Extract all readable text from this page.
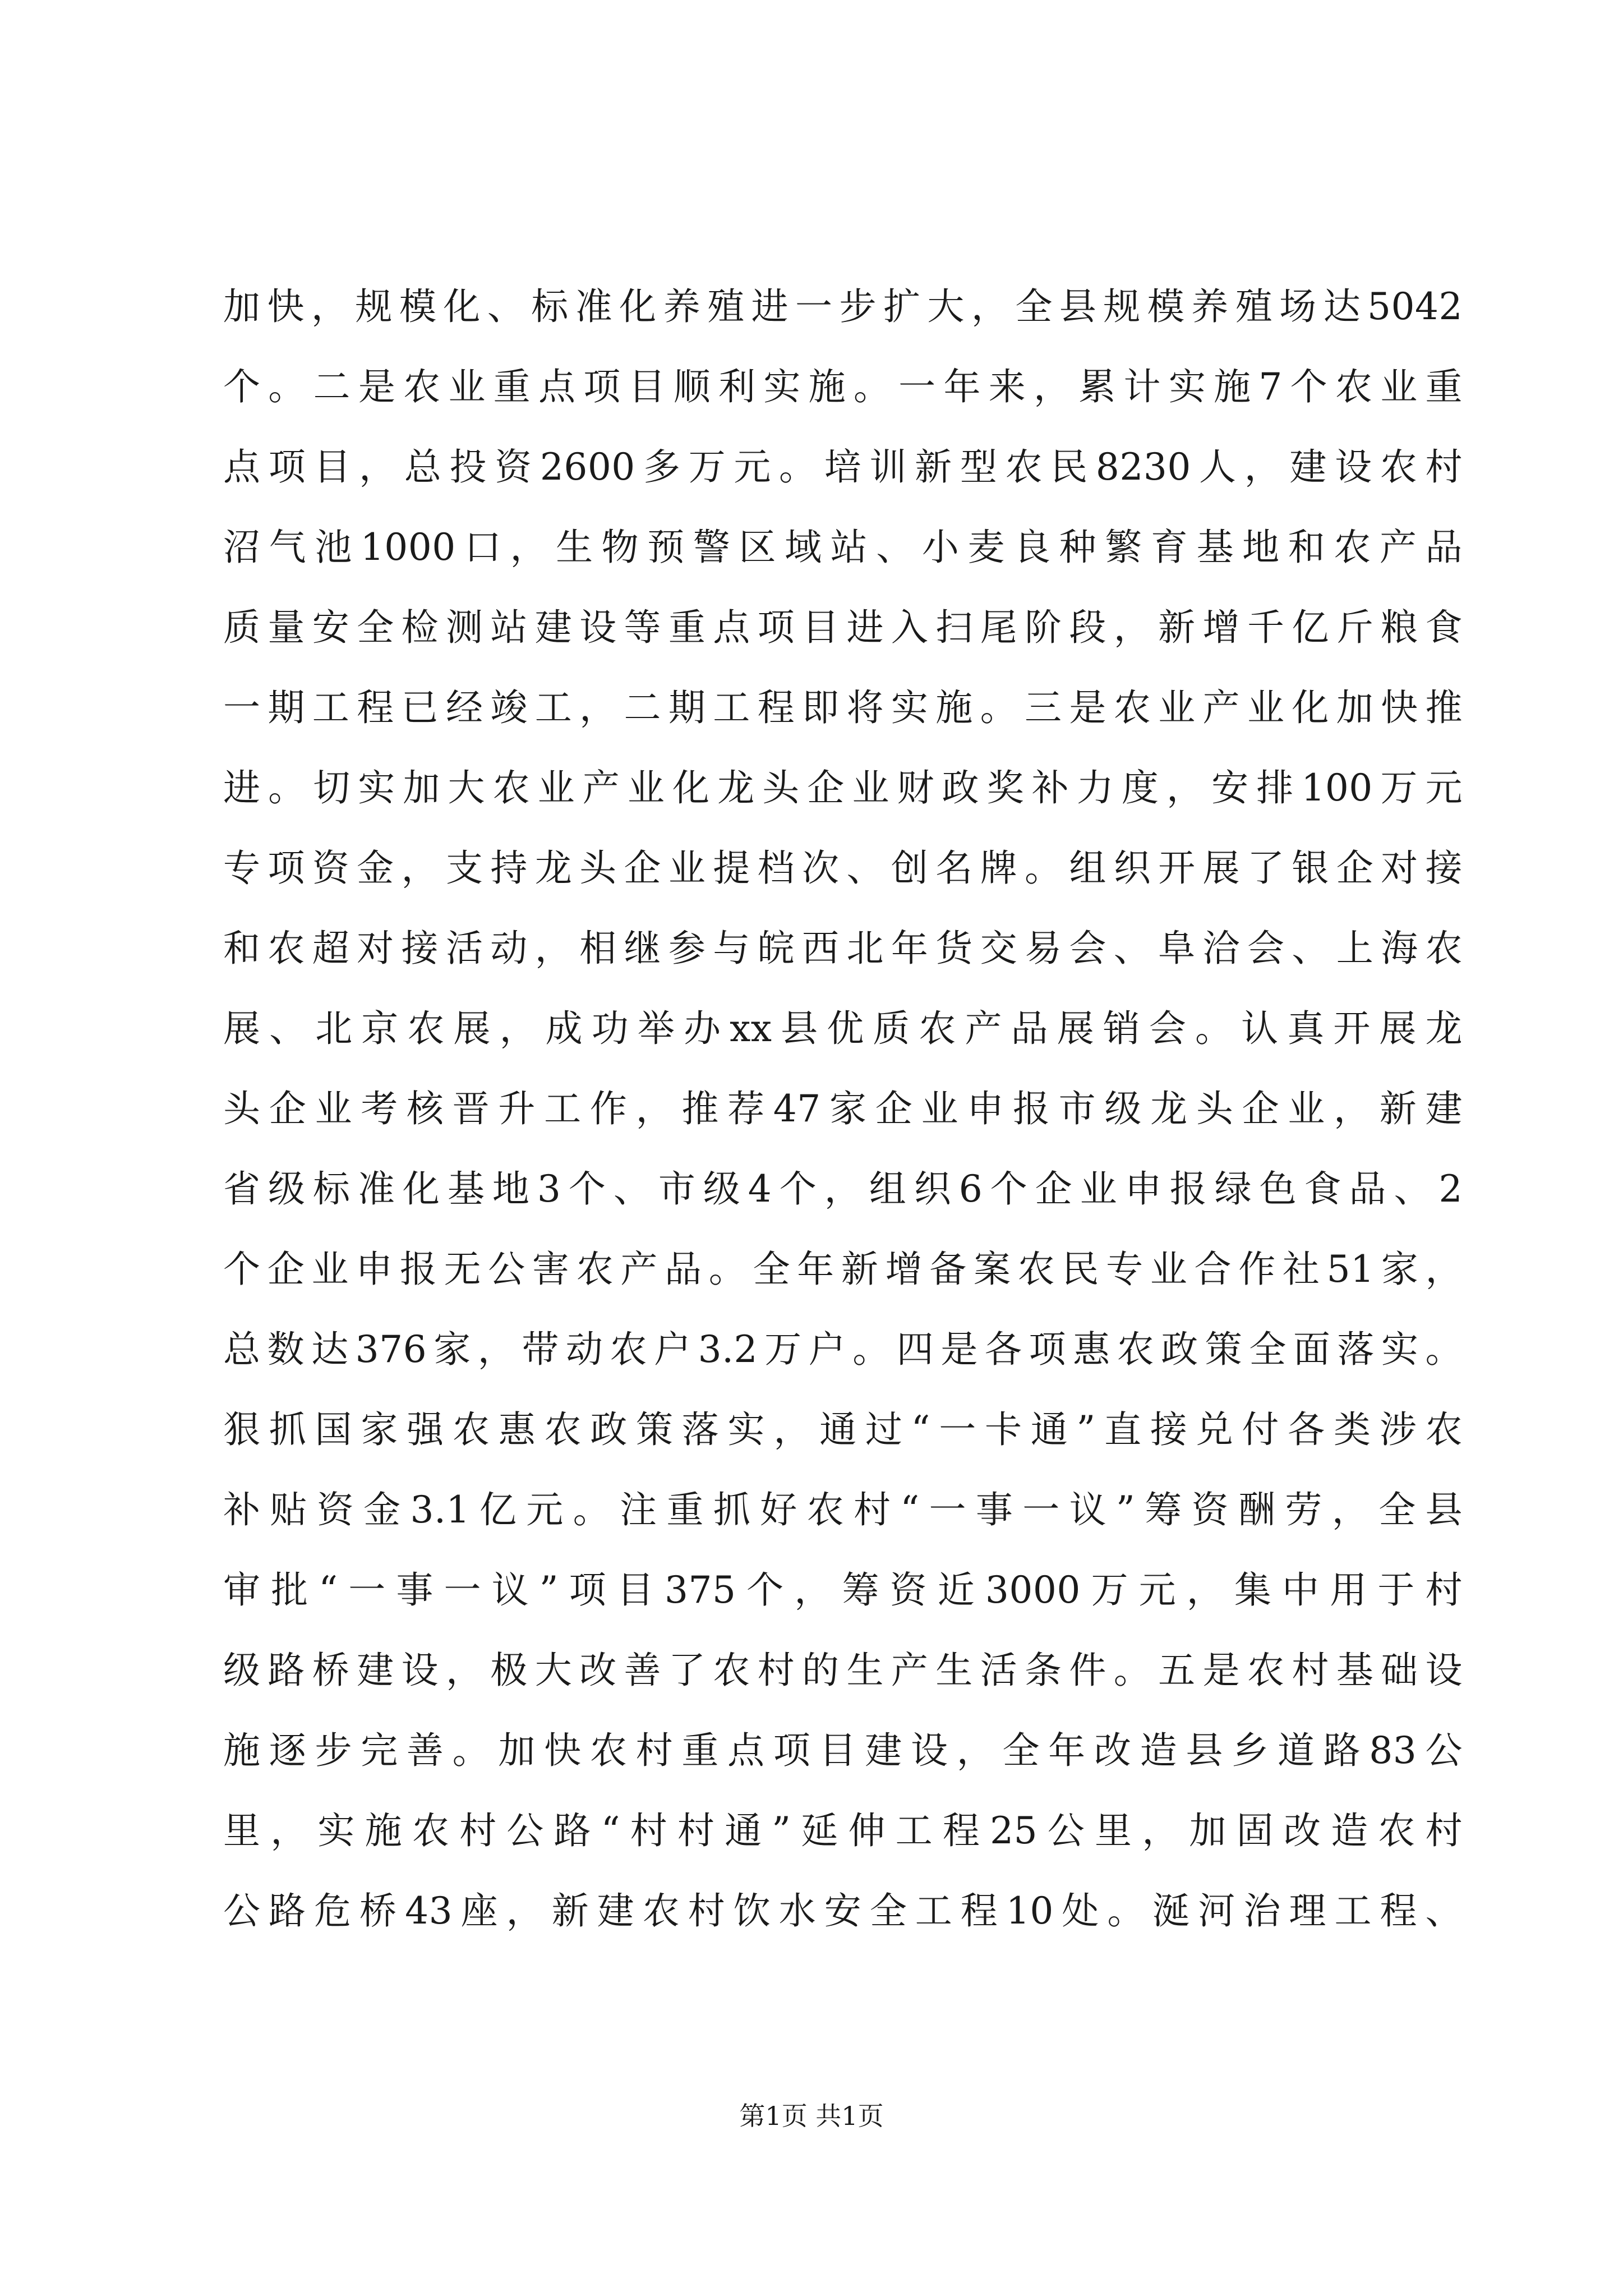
加快，规模化、标准化养殖进一步扩大，全县规模养殖场达5042
个。二是农业重点项目顺利实施。一年来，累计实施7个农业重
点项目，总投资2600多万元。培训新型农民8230人，建设农村
沼气池1000口，生物预警区域站、小麦良种繁育基地和农产品
质量安全检测站建设等重点项目进入扫尾阶段，新增千亿斤粮食
一期工程已经竣工，二期工程即将实施。三是农业产业化加快推
进。切实加大农业产业化龙头企业财政奖补力度，安排100万元
专项资金，支持龙头企业提档次、创名牌。组织开展了银企对接
和农超对接活动，相继参与皖西北年货交易会、阜洽会、上海农
展、北京农展，成功举办xx县优质农产品展销会。认真开展龙
头企业考核晋升工作，推荐47家企业申报市级龙头企业，新建
省级标准化基地3个、市级4个，组织6个企业申报绿色食品、2
个企业申报无公害农产品。全年新增备案农民专业合作社51家，
总数达376家，带动农户3.2万户。四是各项惠农政策全面落实。
狠抓国家强农惠农政策落实，通过“一卡通”直接兑付各类涉农
补贴资金3.1亿元。注重抓好农村“一事一议”筹资酬劳，全县
审批“一事一议”项目375个，筹资近3000万元，集中用于村
级路桥建设，极大改善了农村的生产生活条件。五是农村基础设
施逐步完善。加快农村重点项目建设，全年改造县乡道路83公
里，实施农村公路“村村通”延伸工程25公里，加固改造农村
公路危桥43座，新建农村饮水安全工程10处。涎河治理工程、
第1页 共1页
